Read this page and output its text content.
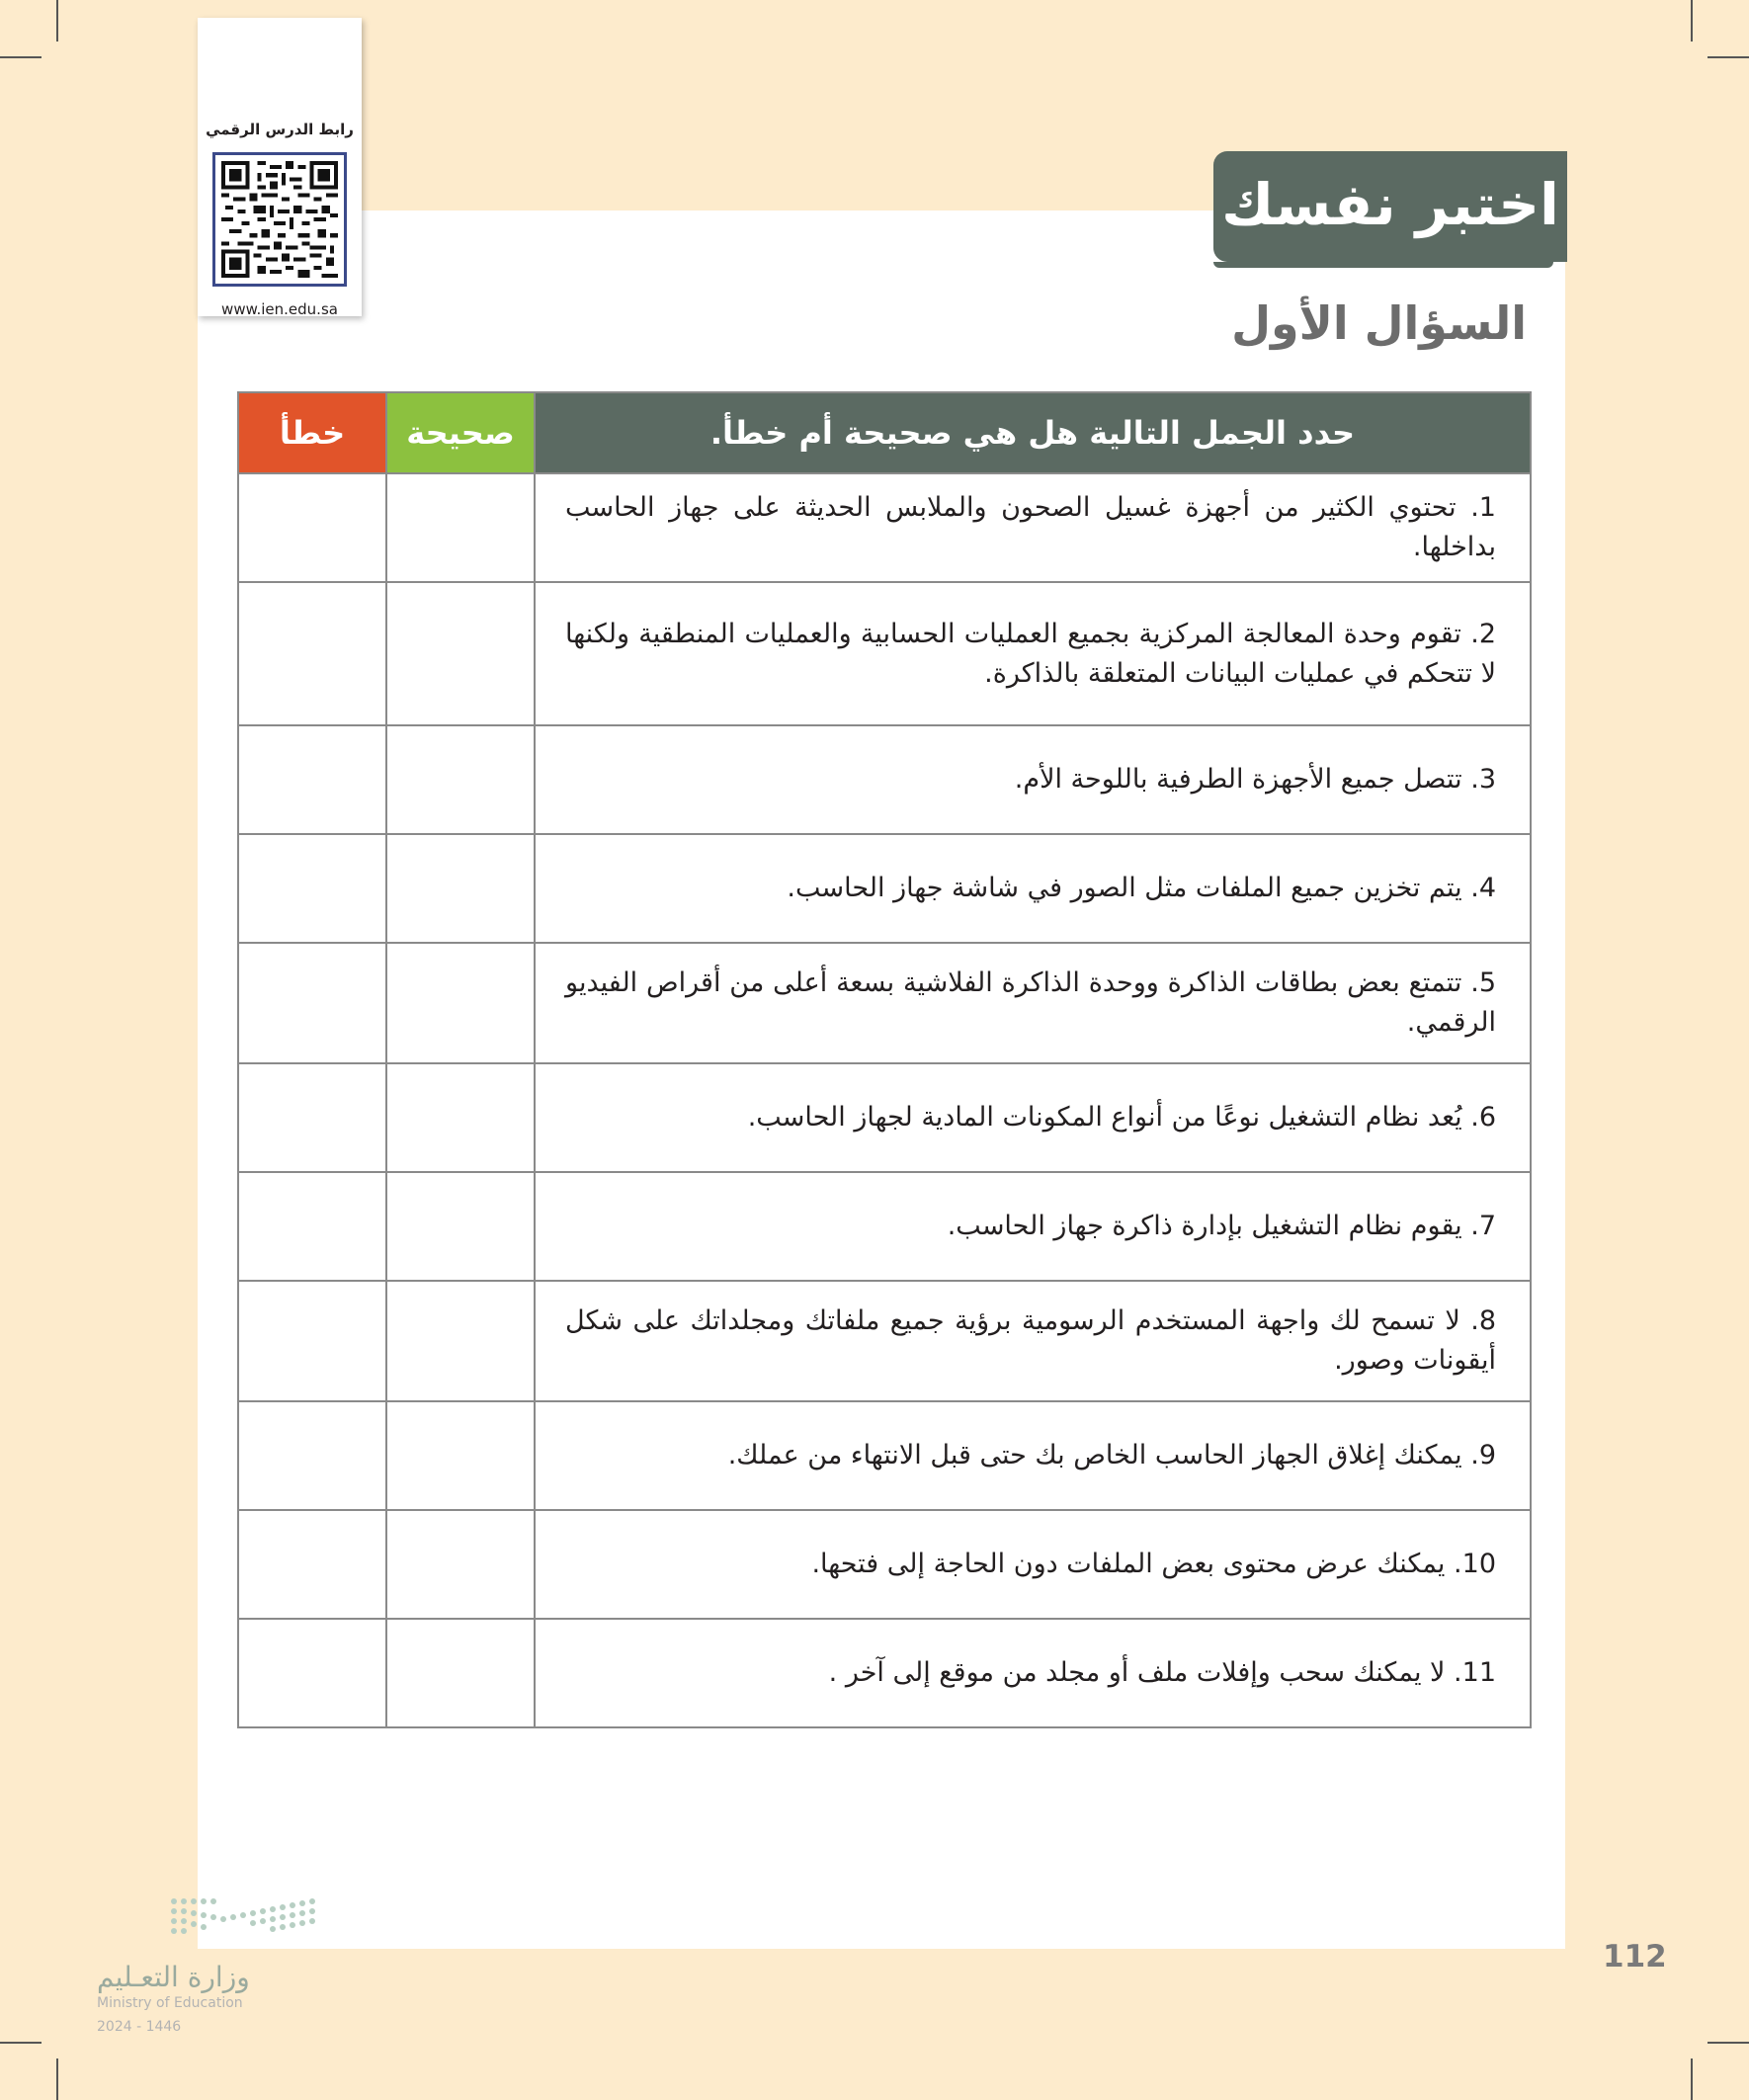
رابط الدرس الرقمي
www.ien.edu.sa
اختبر نفسك
السؤال الأول
حدد الجمل التالية هل هي صحيحة أم خطأ.	صحيحة	خطأ
1. تحتوي الكثير من أجهزة غسيل الصحون والملابس الحديثة على جهاز الحاسب بداخلها.		
2. تقوم وحدة المعالجة المركزية بجميع العمليات الحسابية والعمليات المنطقية ولكنها لا تتحكم في عمليات البيانات المتعلقة بالذاكرة.		
3. تتصل جميع الأجهزة الطرفية باللوحة الأم.		
4. يتم تخزين جميع الملفات مثل الصور في شاشة جهاز الحاسب.		
5. تتمتع بعض بطاقات الذاكرة ووحدة الذاكرة الفلاشية بسعة أعلى من أقراص الفيديو الرقمي.		
6. يُعد نظام التشغيل نوعًا من أنواع المكونات المادية لجهاز الحاسب.		
7. يقوم نظام التشغيل بإدارة ذاكرة جهاز الحاسب.		
8. لا تسمح لك واجهة المستخدم الرسومية برؤية جميع ملفاتك ومجلداتك على شكل أيقونات وصور.		
9. يمكنك إغلاق الجهاز الحاسب الخاص بك حتى قبل الانتهاء من عملك.		
10. يمكنك عرض محتوى بعض الملفات دون الحاجة إلى فتحها.		
11. لا يمكنك سحب وإفلات ملف أو مجلد من موقع إلى آخر .		
112
وزارة التعـليم
Ministry of Education
2024 - 1446
